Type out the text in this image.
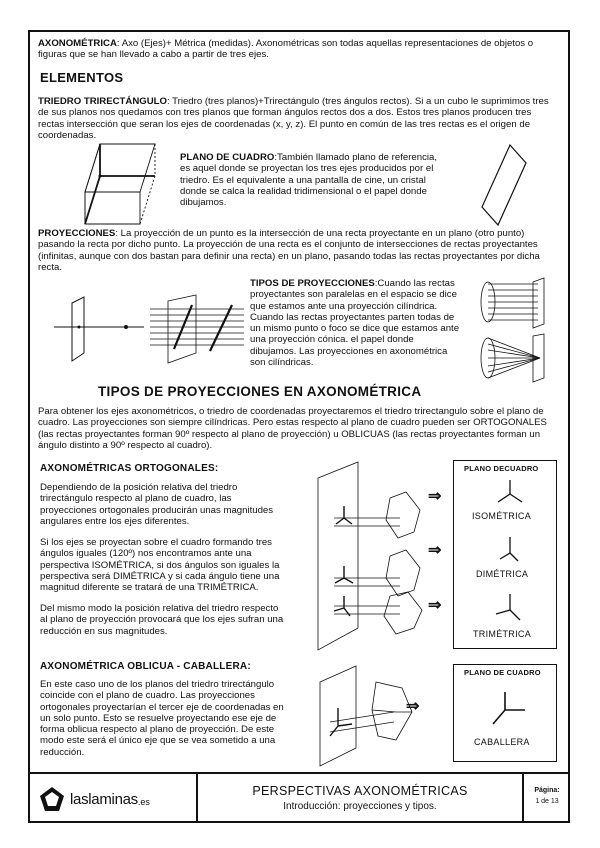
AXONOMÉTRICA: Axo (Ejes)+ Métrica (medidas). Axonométricas son todas aquellas representaciones de objetos o figuras que se han llevado a cabo a partir de tres ejes.

ELEMENTOS

TRIEDRO TRIRECTÁNGULO: Triedro (tres planos)+Trirectángulo (tres ángulos rectos). Si a un cubo le suprimimos tres de sus planos nos quedamos con tres planos que forman ángulos rectos dos a dos. Estos tres planos producen tres rectas intersección que seran los ejes de coordenadas (x, y, z). El punto en común de las tres rectas es el origen de coordenadas.

PLANO DE CUADRO:También llamado plano de referencia, es aquel donde se proyectan los tres ejes producidos por el triedro. Es el equivalente a una pantalla de cine, un cristal donde se calca la realidad tridimensional o el papel donde dibujamos.

PROYECCIONES: La proyección de un punto es la intersección de una recta proyectante en un plano (otro punto) pasando la recta por dicho punto. La proyección de una recta es el conjunto de intersecciones de rectas proyectantes (infinitas, aunque con dos bastan para definir una recta) en un plano, pasando todas las rectas proyectantes por dicha recta.

TIPOS DE PROYECCIONES:Cuando las rectas proyectantes son paralelas en el espacio se dice que estamos ante una proyección cilíndrica. Cuando las rectas proyectantes parten todas de un mismo punto o foco se dice que estamos ante una proyección cónica. el papel donde dibujamos. Las proyecciones en axonométrica son cilíndricas.

TIPOS DE PROYECCIONES EN AXONOMÉTRICA

Para obtener los ejes axonométricos, o triedro de coordenadas proyectaremos el triedro trirectangulo sobre el plano de cuadro. Las proyecciones son siempre cilíndricas. Pero estas respecto al plano de cuadro pueden ser ORTOGONALES (las rectas proyectantes forman 90º respecto al plano de proyección) u OBLICUAS (las rectas proyectantes forman un ángulo distinto a 90º respecto al cuadro).

AXONOMÉTRICAS ORTOGONALES:

Dependiendo de la posición relativa del triedro trirectángulo respecto al plano de cuadro, las proyecciones ortogonales producirán unas magnitudes angulares entre los ejes diferentes.

Si los ejes se proyectan sobre el cuadro formando tres ángulos iguales (120º) nos encontramos ante una perspectiva ISOMÉTRICA, si dos ángulos son iguales la perspectiva será DIMÉTRICA y si cada ángulo tiene una magnitud diferente se tratará de una TRIMÉTRICA.

Del mismo modo la posición relativa del triedro respecto al plano de proyección provocará que los ejes sufran una reducción en sus magnitudes.

⇒
⇒
⇒
PLANO DECUADRO
ISOMÉTRICA
DIMÉTRICA
TRIMÉTRICA
AXONOMÉTRICA OBLICUA - CABALLERA:

En este caso uno de los planos del triedro trirectángulo coincide con el plano de cuadro. Las proyecciones ortogonales proyectarían el tercer eje de coordenadas en un solo punto. Esto se resuelve proyectando ese eje de forma oblicua respecto al plano de proyección. De este modo este será el único eje que se vea sometido a una reducción.

⇒
PLANO DE CUADRO
CABALLERA
laslaminas .es
PERSPECTIVAS AXONOMÉTRICAS
Introducción: proyecciones y tipos.
Página:
1 de 13
